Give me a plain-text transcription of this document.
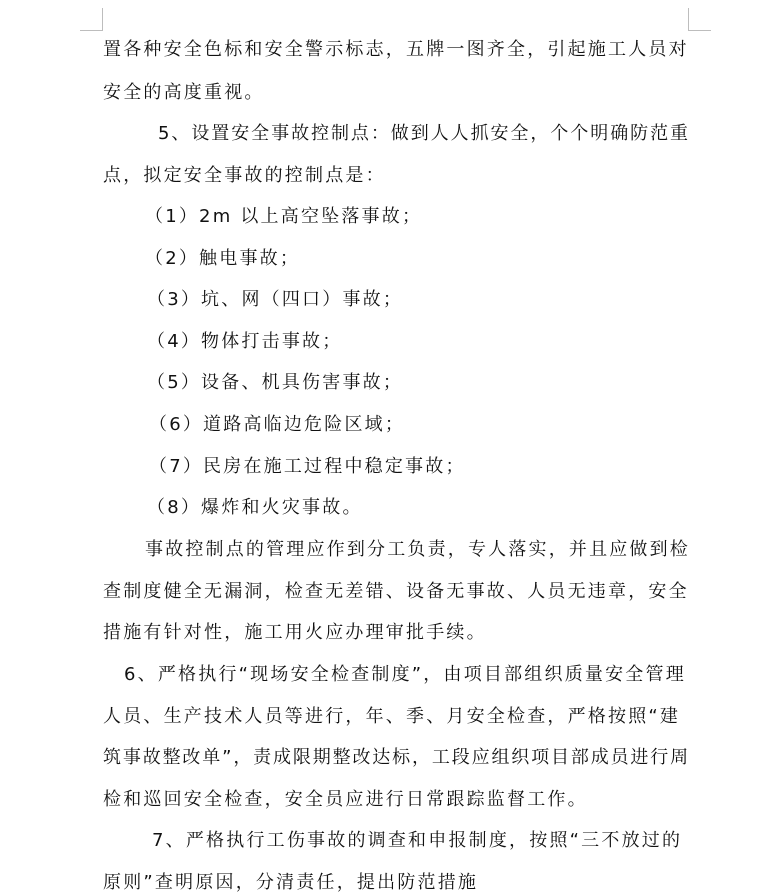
置各种安全色标和安全警示标志，五牌一图齐全，引起施工人员对
安全的高度重视。
5、设置安全事故控制点：做到人人抓安全，个个明确防范重
点，拟定安全事故的控制点是：
（1）2m 以上高空坠落事故；
（2）触电事故；
（3）坑、网（四口）事故；
（4）物体打击事故；
（5）设备、机具伤害事故；
（6）道路高临边危险区域；
（7）民房在施工过程中稳定事故；
（8）爆炸和火灾事故。
事故控制点的管理应作到分工负责，专人落实，并且应做到检
查制度健全无漏洞，检查无差错、设备无事故、人员无违章，安全
措施有针对性，施工用火应办理审批手续。
6、严格执行“现场安全检查制度”，由项目部组织质量安全管理
人员、生产技术人员等进行，年、季、月安全检查，严格按照“建
筑事故整改单”，责成限期整改达标，工段应组织项目部成员进行周
检和巡回安全检查，安全员应进行日常跟踪监督工作。
7、严格执行工伤事故的调查和申报制度，按照“三不放过的
原则”查明原因，分清责任，提出防范措施
